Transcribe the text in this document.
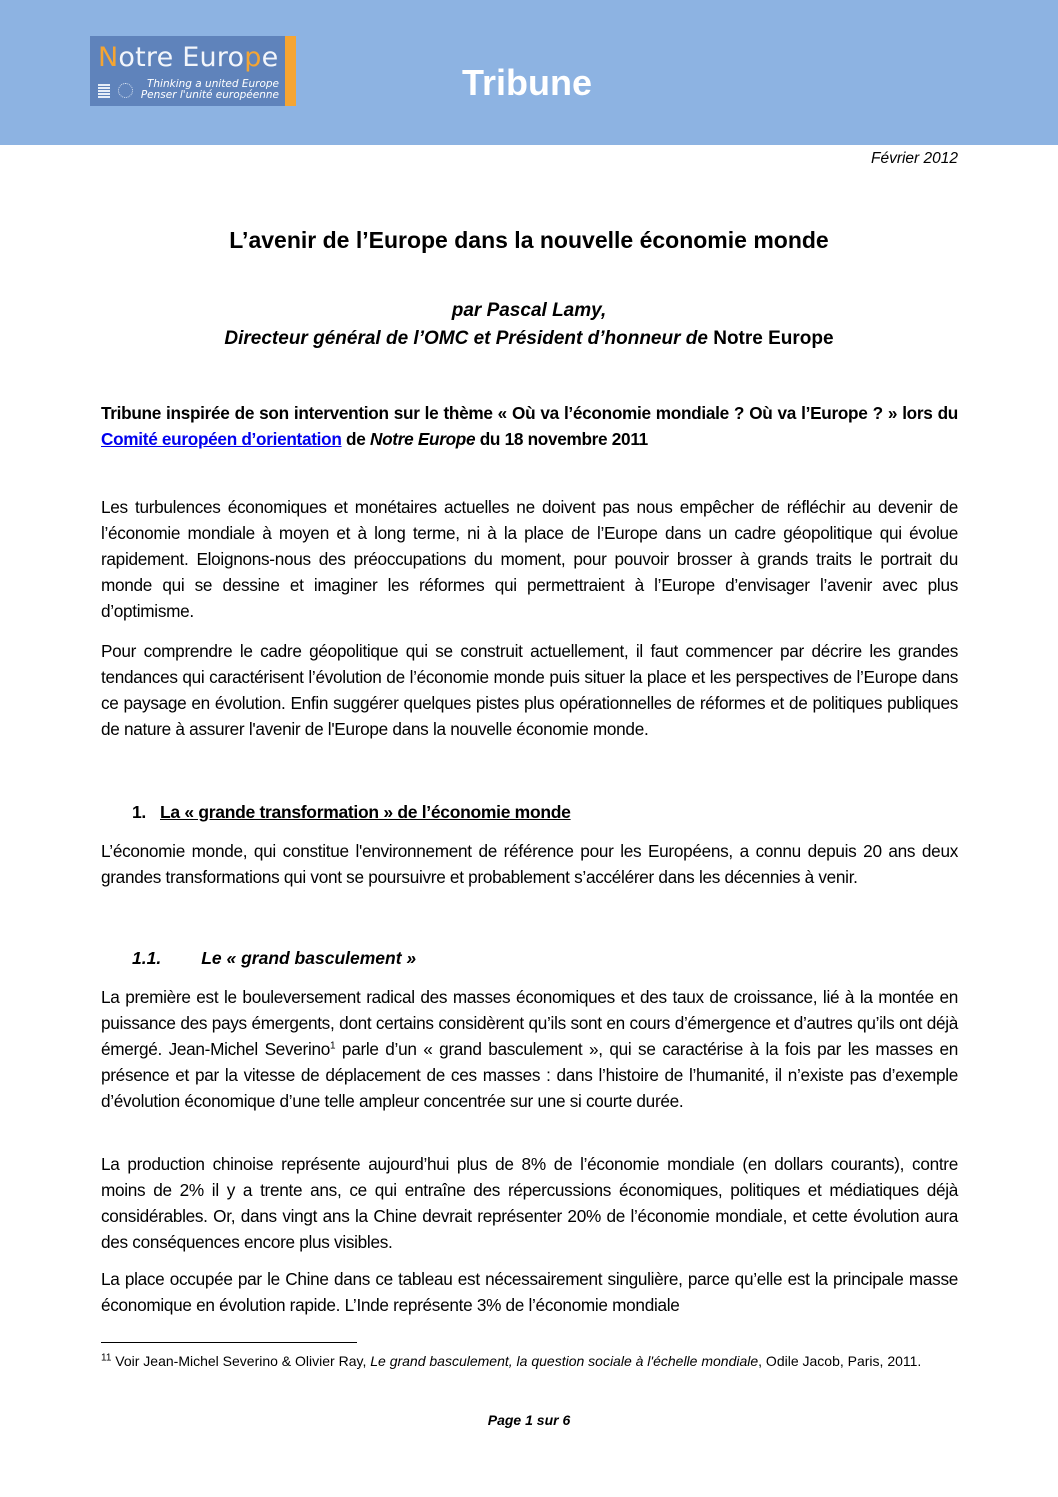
Notre Europe
Thinking a united Europe
Penser l'unité européenne	Tribune
Février 2012
L’avenir de l’Europe dans la nouvelle économie monde
par Pascal Lamy,
Directeur général de l’OMC et Président d’honneur de Notre Europe
Tribune inspirée de son intervention sur le thème « Où va l’économie mondiale ? Où va l’Europe ? » lors du Comité européen d’orientation de Notre Europe du 18 novembre 2011
Les turbulences économiques et monétaires actuelles ne doivent pas nous empêcher de réfléchir au devenir de l’économie mondiale à moyen et à long terme, ni à la place de l’Europe dans un cadre géopolitique qui évolue rapidement. Eloignons-nous des préoccupations du moment, pour pouvoir brosser à grands traits le portrait du monde qui se dessine et imaginer les réformes qui permettraient à l’Europe d’envisager l’avenir avec plus d’optimisme.
Pour comprendre le cadre géopolitique qui se construit actuellement, il faut commencer par décrire les grandes tendances qui caractérisent l’évolution de l’économie monde puis situer la place et les perspectives de l’Europe dans ce paysage en évolution. Enfin suggérer quelques pistes plus opérationnelles de réformes et de politiques publiques de nature à assurer l'avenir de l'Europe dans la nouvelle économie monde.
1. La « grande transformation » de l’économie monde
L’économie monde, qui constitue l'environnement de référence pour les Européens, a connu depuis 20 ans deux grandes transformations qui vont se poursuivre et probablement s’accélérer dans les décennies à venir.
1.1. Le « grand basculement »
La première est le bouleversement radical des masses économiques et des taux de croissance, lié à la montée en puissance des pays émergents, dont certains considèrent qu’ils sont en cours d’émergence et d’autres qu’ils ont déjà émergé. Jean-Michel Severino$^1$ parle d’un « grand basculement », qui se caractérise à la fois par les masses en présence et par la vitesse de déplacement de ces masses : dans l’histoire de l’humanité, il n’existe pas d’exemple d’évolution économique d’une telle ampleur concentrée sur une si courte durée.
La production chinoise représente aujourd’hui plus de 8% de l’économie mondiale (en dollars courants), contre moins de 2% il y a trente ans, ce qui entraîne des répercussions économiques, politiques et médiatiques déjà considérables. Or, dans vingt ans la Chine devrait représenter 20% de l’économie mondiale, et cette évolution aura des conséquences encore plus visibles.
La place occupée par le Chine dans ce tableau est nécessairement singulière, parce qu’elle est la principale masse économique en évolution rapide. L’Inde représente 3% de l’économie mondiale
$^{11}$ Voir Jean-Michel Severino & Olivier Ray, Le grand basculement, la question sociale à l'échelle mondiale, Odile Jacob, Paris, 2011.
Page 1 sur 6
